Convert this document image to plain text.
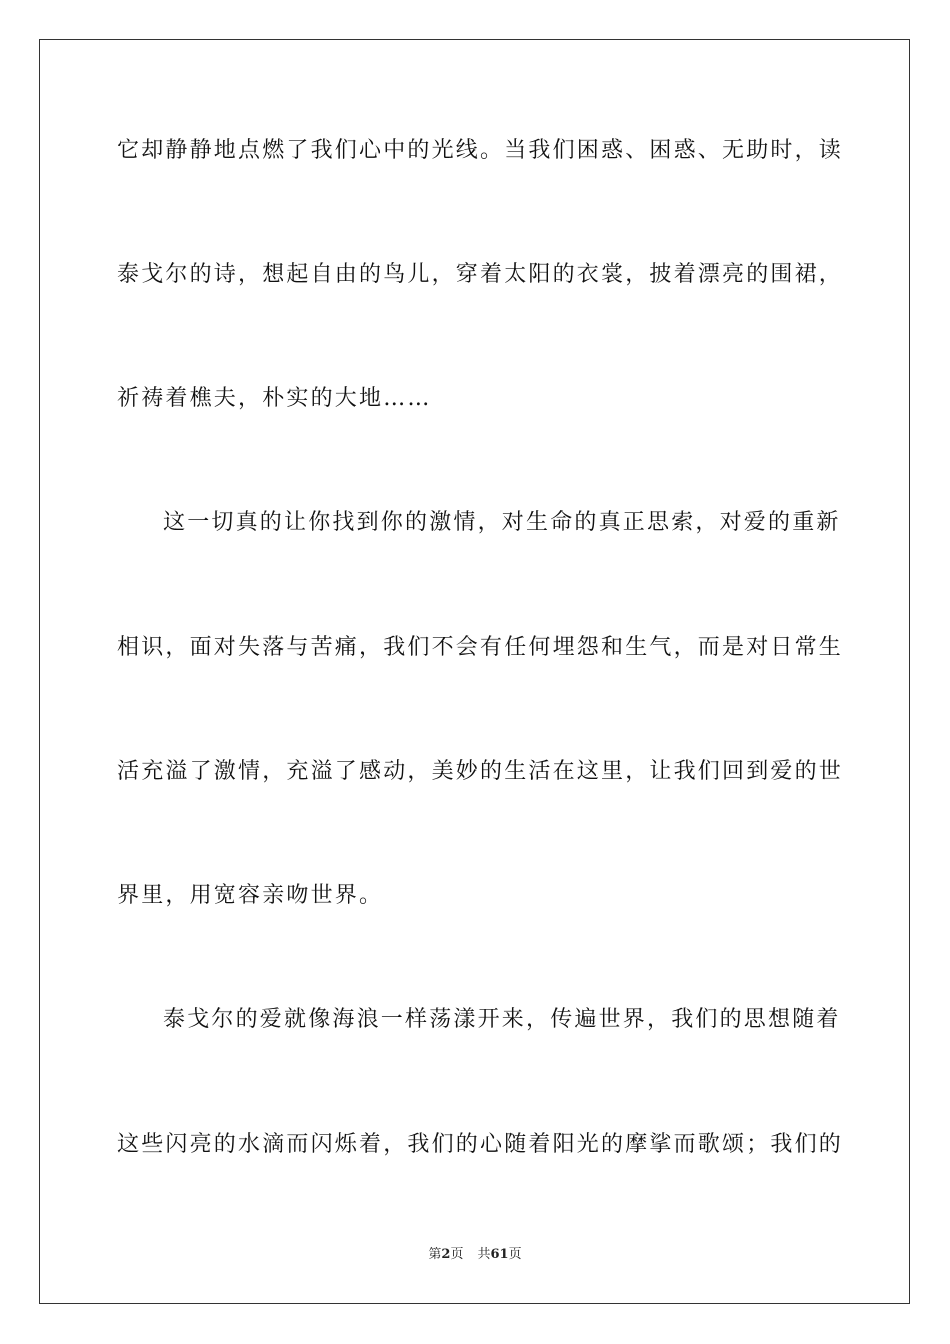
它却静静地点燃了我们心中的光线。当我们困惑、困惑、无助时，读

泰戈尔的诗，想起自由的鸟儿，穿着太阳的衣裳，披着漂亮的围裙，

祈祷着樵夫，朴实的大地……

这一切真的让你找到你的激情，对生命的真正思索，对爱的重新

相识，面对失落与苦痛，我们不会有任何埋怨和生气，而是对日常生

活充溢了激情，充溢了感动，美妙的生活在这里，让我们回到爱的世

界里，用宽容亲吻世界。

泰戈尔的爱就像海浪一样荡漾开来，传遍世界，我们的思想随着

这些闪亮的水滴而闪烁着，我们的心随着阳光的摩挲而歌颂；我们的

第2页 共61页
